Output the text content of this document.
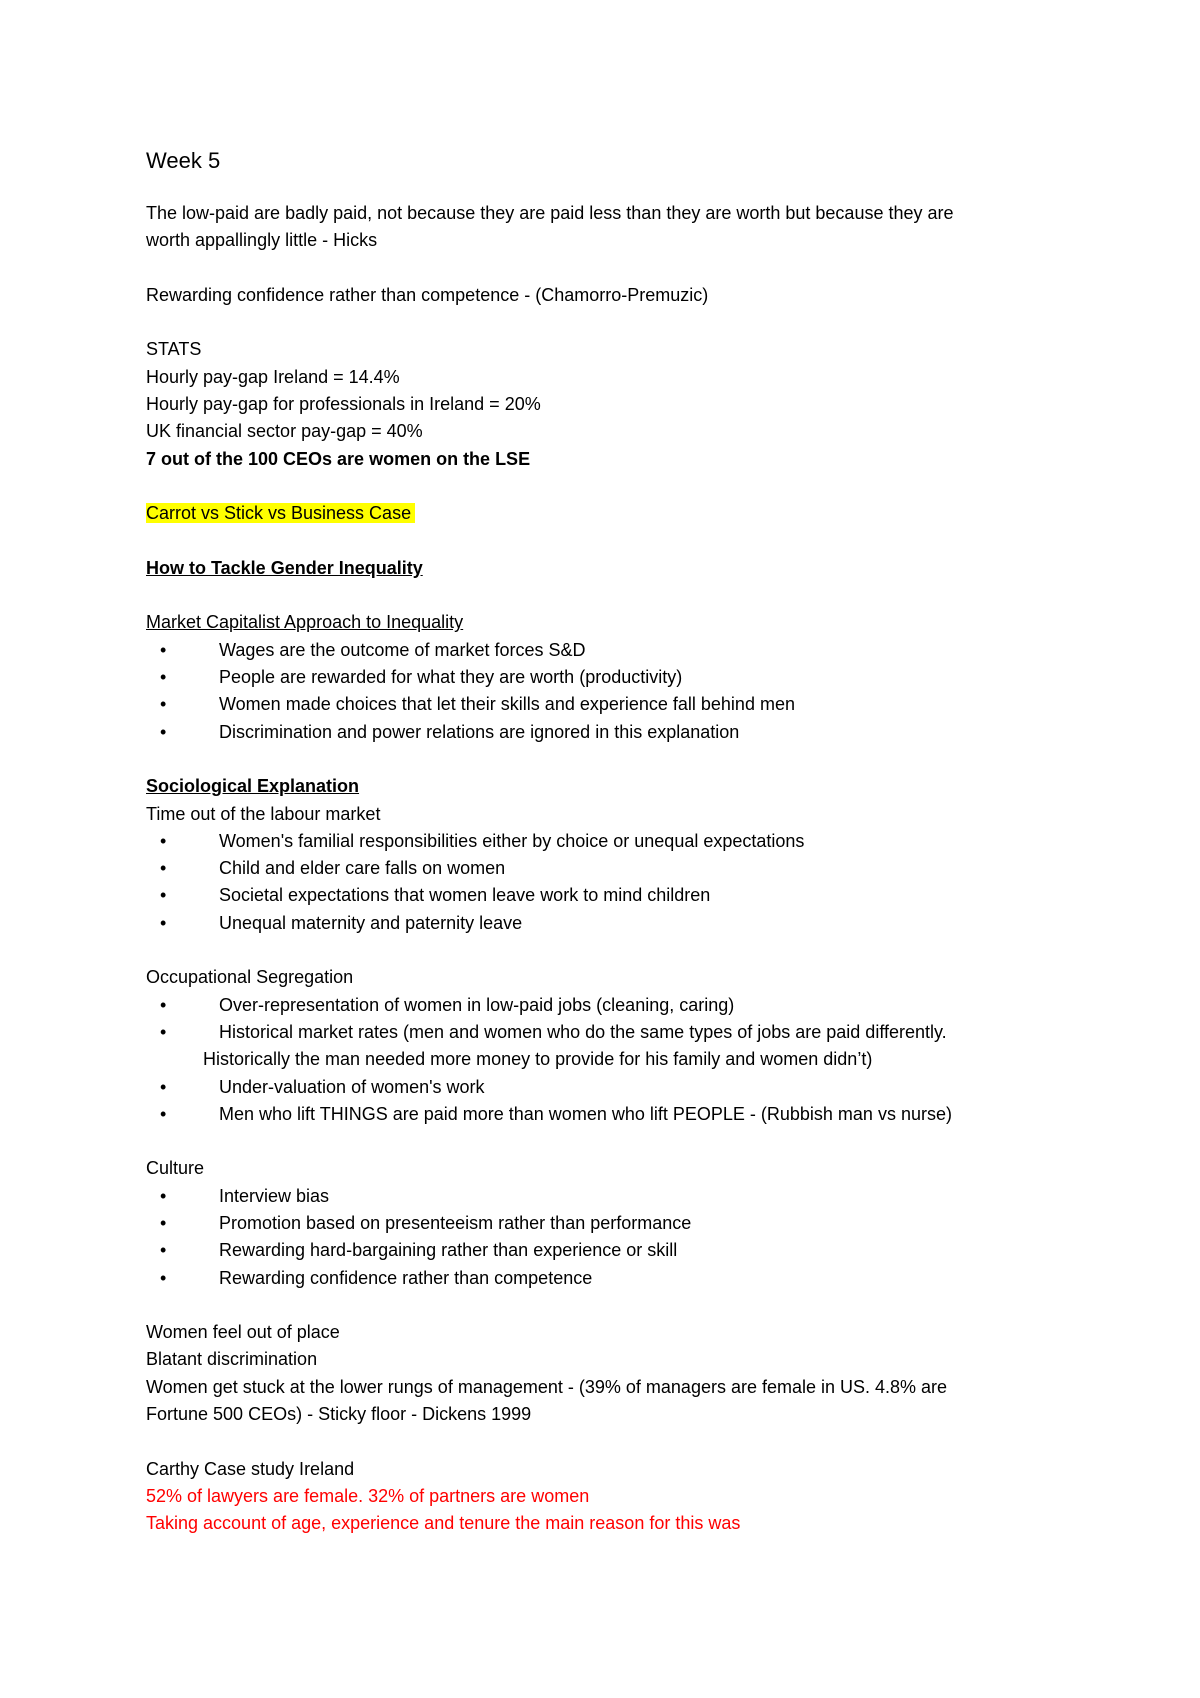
Week 5
The low-paid are badly paid, not because they are paid less than they are worth but because they are
worth appallingly little - Hicks
Rewarding confidence rather than competence - (Chamorro-Premuzic)
STATS
Hourly pay-gap Ireland = 14.4%
Hourly pay-gap for professionals in Ireland = 20%
UK financial sector pay-gap = 40%
7 out of the 100 CEOs are women on the LSE
Carrot vs Stick vs Business Case
How to Tackle Gender Inequality
Market Capitalist Approach to Inequality
•	Wages are the outcome of market forces S&D
•	People are rewarded for what they are worth (productivity)
•	Women made choices that let their skills and experience fall behind men
•	Discrimination and power relations are ignored in this explanation
Sociological Explanation
Time out of the labour market
•	Women's familial responsibilities either by choice or unequal expectations
•	Child and elder care falls on women
•	Societal expectations that women leave work to mind children
•	Unequal maternity and paternity leave
Occupational Segregation
•	Over-representation of women in low-paid jobs (cleaning, caring)
•	Historical market rates (men and women who do the same types of jobs are paid differently.
Historically the man needed more money to provide for his family and women didn’t)
•	Under-valuation of women's work
•	Men who lift THINGS are paid more than women who lift PEOPLE - (Rubbish man vs nurse)
Culture
•	Interview bias
•	Promotion based on presenteeism rather than performance
•	Rewarding hard-bargaining rather than experience or skill
•	Rewarding confidence rather than competence
Women feel out of place
Blatant discrimination
Women get stuck at the lower rungs of management - (39% of managers are female in US. 4.8% are
Fortune 500 CEOs) - Sticky floor - Dickens 1999
Carthy Case study Ireland
52% of lawyers are female. 32% of partners are women
Taking account of age, experience and tenure the main reason for this was
